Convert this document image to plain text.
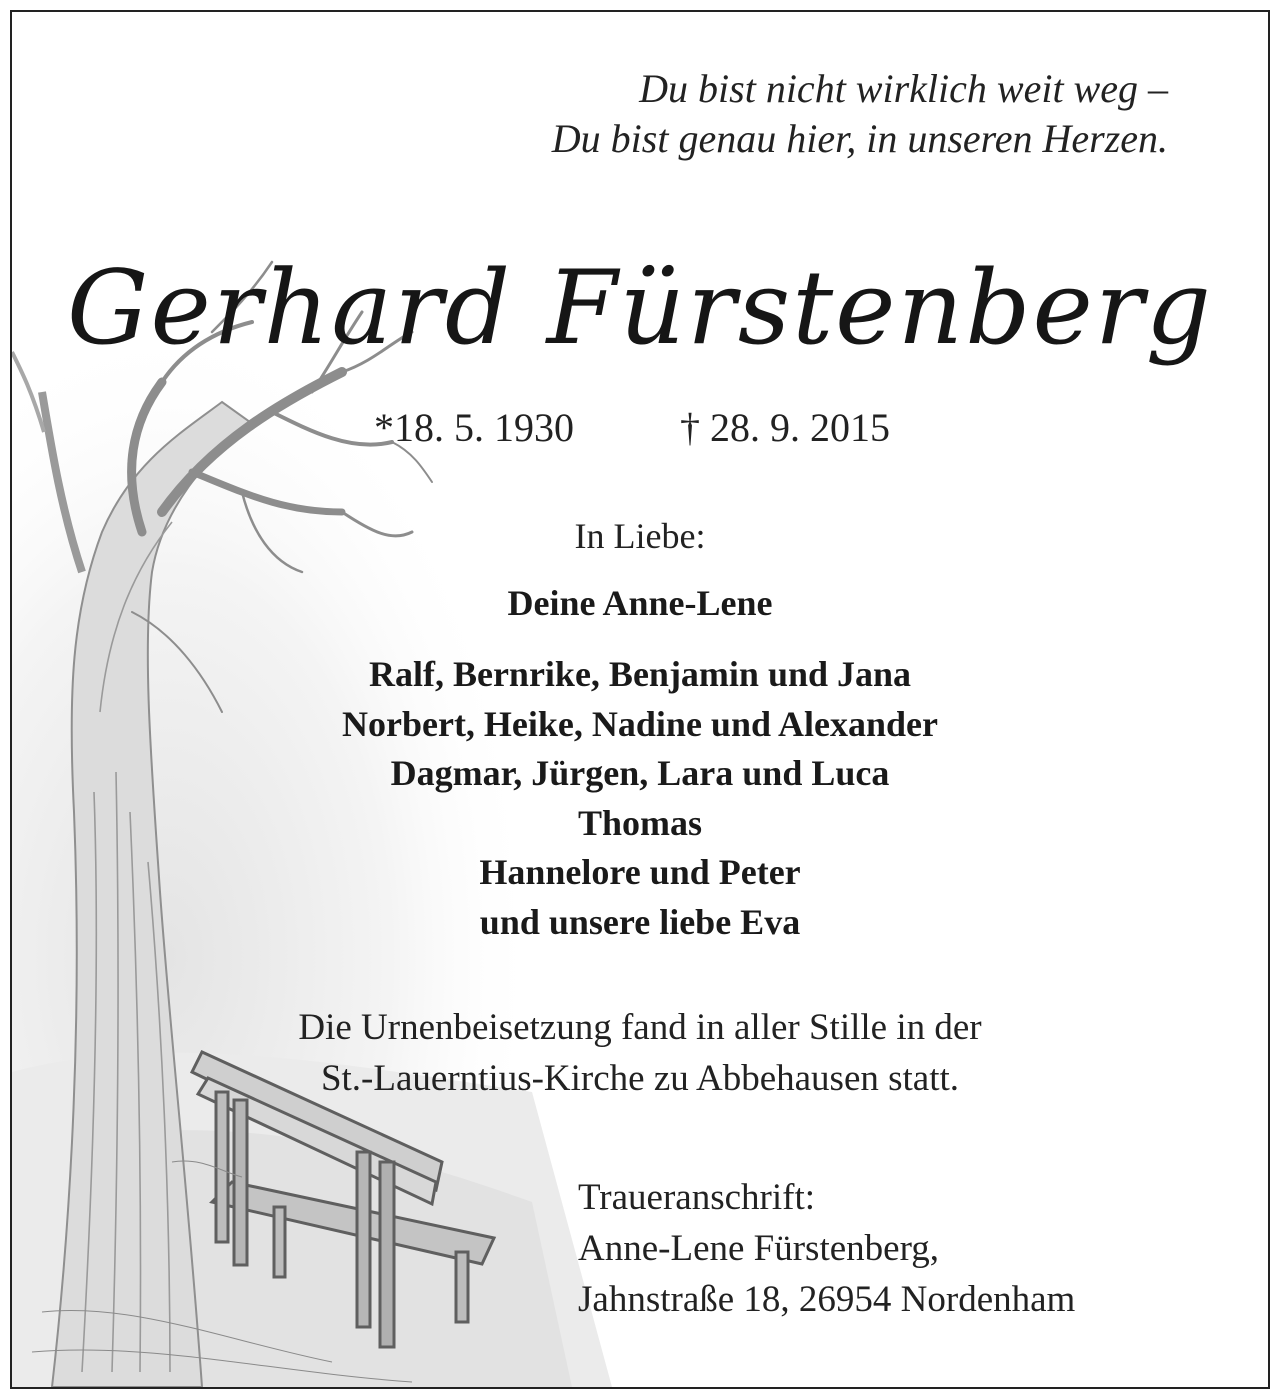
Du bist nicht wirklich weit weg –
Du bist genau hier, in unseren Herzen.
Gerhard Fürstenberg
*18. 5. 1930	† 28. 9. 2015
In Liebe:
Deine Anne-Lene
Ralf, Bernrike, Benjamin und Jana
Norbert, Heike, Nadine und Alexander
Dagmar, Jürgen, Lara und Luca
Thomas
Hannelore und Peter
und unsere liebe Eva
Die Urnenbeisetzung fand in aller Stille in der
St.-Lauerntius-Kirche zu Abbehausen statt.
Traueranschrift:
Anne-Lene Fürstenberg,
Jahnstraße 18, 26954 Nordenham
